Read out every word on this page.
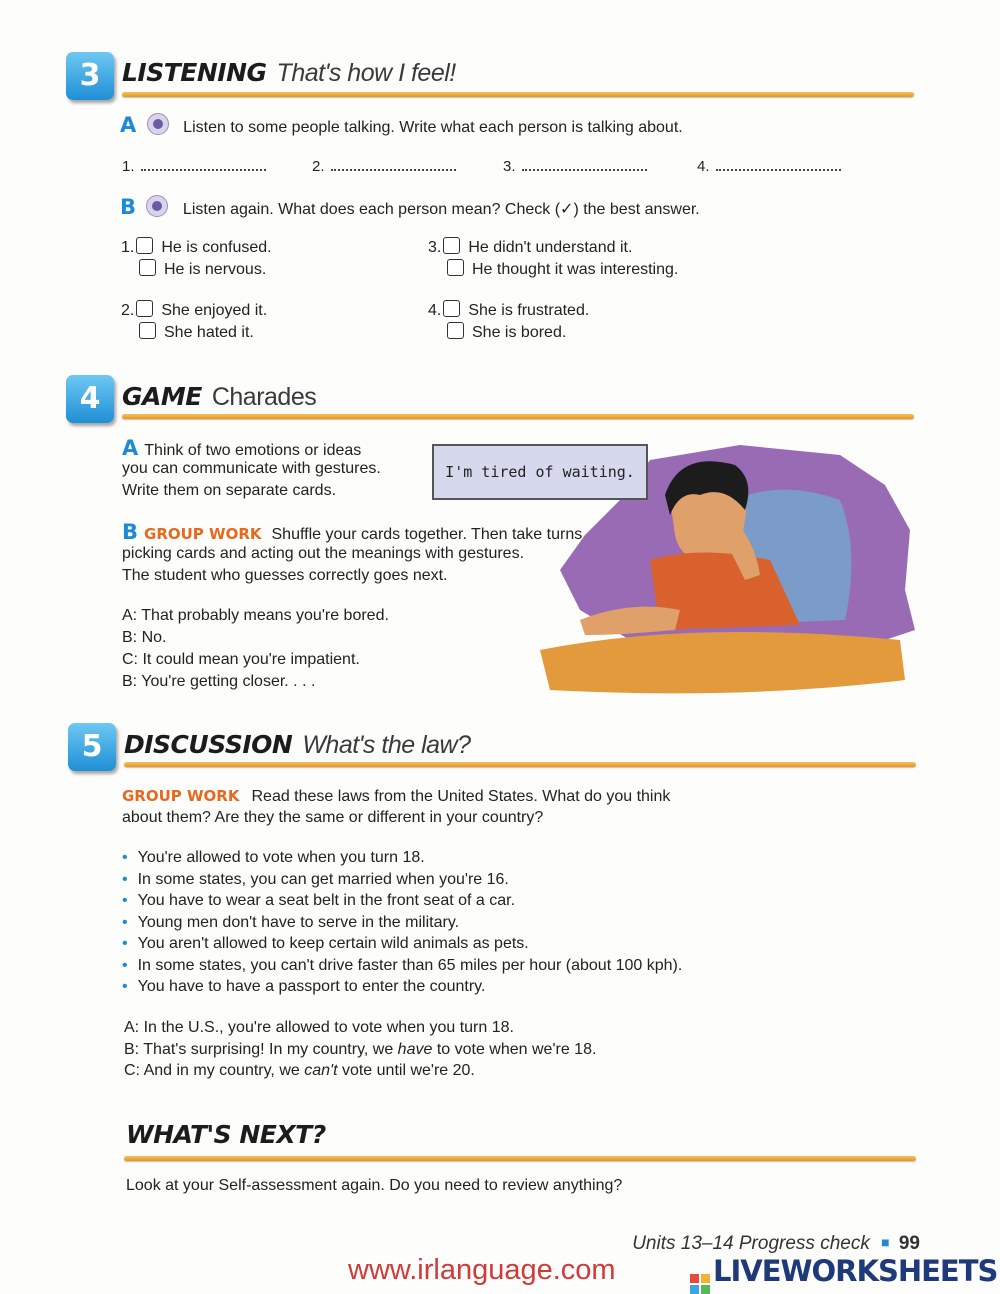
3 LISTENING That's how I feel!
A	Listen to some people talking. Write what each person is talking about.
1.	2.	3.	4.
B	Listen again. What does each person mean? Check (✓) the best answer.
1. He is confused.
He is nervous.
3. He didn't understand it.
He thought it was interesting.
2. She enjoyed it.
She hated it.
4. She is frustrated.
She is bored.
4 GAME Charades
I'm tired of waiting.
A Think of two emotions or ideas
you can communicate with gestures.
Write them on separate cards.
B GROUP WORK Shuffle your cards together. Then take turns
picking cards and acting out the meanings with gestures.
The student who guesses correctly goes next.
A: That probably means you're bored.
B: No.
C: It could mean you're impatient.
B: You're getting closer. . . .
5 DISCUSSION What's the law?
GROUP WORK Read these laws from the United States. What do you think
about them? Are they the same or different in your country?
• You're allowed to vote when you turn 18.
• In some states, you can get married when you're 16.
• You have to wear a seat belt in the front seat of a car.
• Young men don't have to serve in the military.
• You aren't allowed to keep certain wild animals as pets.
• In some states, you can't drive faster than 65 miles per hour (about 100 kph).
• You have to have a passport to enter the country.
A: In the U.S., you're allowed to vote when you turn 18.
B: That's surprising! In my country, we have to vote when we're 18.
C: And in my country, we can't vote until we're 20.
WHAT'S NEXT?
Look at your Self-assessment again. Do you need to review anything?
Units 13–14 Progress check ■ 99
www.irlanguage.com	LIVEWORKSHEETS
